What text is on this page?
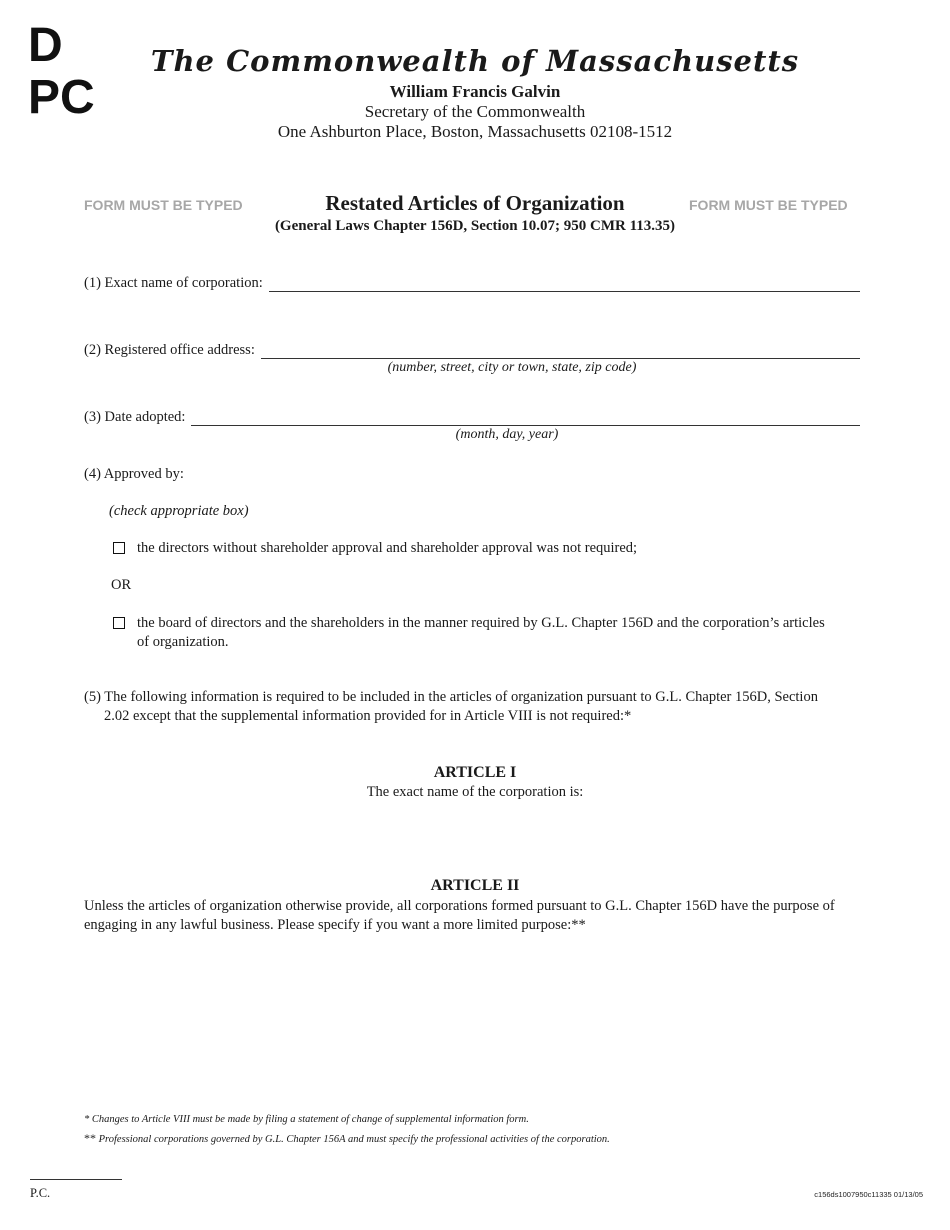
D
PC
The Commonwealth of Massachusetts
William Francis Galvin
Secretary of the Commonwealth
One Ashburton Place, Boston, Massachusetts 02108-1512
FORM MUST BE TYPED	FORM MUST BE TYPED
Restated Articles of Organization
(General Laws Chapter 156D, Section 10.07; 950 CMR 113.35)
(1) Exact name of corporation:
(2) Registered office address:
(number, street, city or town, state, zip code)
(3) Date adopted:
(month, day, year)
(4) Approved by:
(check appropriate box)
the directors without shareholder approval and shareholder approval was not required;
OR
the board of directors and the shareholders in the manner required by G.L. Chapter 156D and the corporation’s articles
of organization.
(5) The following information is required to be included in the articles of organization pursuant to G.L. Chapter 156D, Section
2.02 except that the supplemental information provided for in Article VIII is not required:*
ARTICLE I
The exact name of the corporation is:
ARTICLE II
Unless the articles of organization otherwise provide, all corporations formed pursuant to G.L. Chapter 156D have the purpose of
engaging in any lawful business. Please specify if you want a more limited purpose:**
* Changes to Article VIII must be made by filing a statement of change of supplemental information form.
** Professional corporations governed by G.L. Chapter 156A and must specify the professional activities of the corporation.
P.C.	c156ds1007950c11335 01/13/05
